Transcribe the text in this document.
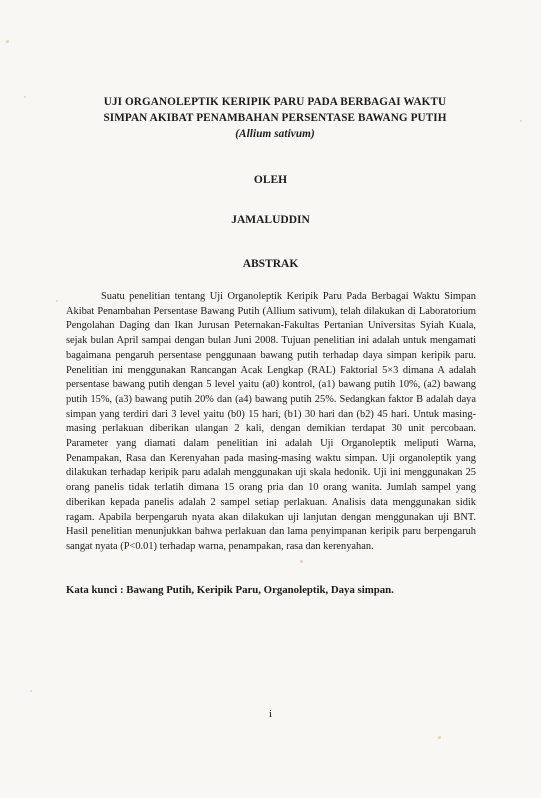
UJI ORGANOLEPTIK KERIPIK PARU PADA BERBAGAI WAKTU
SIMPAN AKIBAT PENAMBAHAN PERSENTASE BAWANG PUTIH
(Allium sativum)
OLEH
JAMALUDDIN
ABSTRAK

Suatu penelitian tentang Uji Organoleptik Keripik Paru Pada Berbagai Waktu Simpan Akibat Penambahan Persentase Bawang Putih (Allium sativum), telah dilakukan di Laboratorium Pengolahan Daging dan Ikan Jurusan Peternakan-Fakultas Pertanian Universitas Syiah Kuala, sejak bulan April sampai dengan bulan Juni 2008. Tujuan penelitian ini adalah untuk mengamati bagaimana pengaruh persentase penggunaan bawang putih terhadap daya simpan keripik paru. Penelitian ini menggunakan Rancangan Acak Lengkap (RAL) Faktorial 5×3 dimana A adalah persentase bawang putih dengan 5 level yaitu (a0) kontrol, (a1) bawang putih 10%, (a2) bawang putih 15%, (a3) bawang putih 20% dan (a4) bawang putih 25%. Sedangkan faktor B adalah daya simpan yang terdiri dari 3 level yaitu (b0) 15 hari, (b1) 30 hari dan (b2) 45 hari. Untuk masing-masing perlakuan diberikan ulangan 2 kali, dengan demikian terdapat 30 unit percobaan. Parameter yang diamati dalam penelitian ini adalah Uji Organoleptik meliputi Warna, Penampakan, Rasa dan Kerenyahan pada masing-masing waktu simpan. Uji organoleptik yang dilakukan terhadap keripik paru adalah menggunakan uji skala hedonik. Uji ini menggunakan 25 orang panelis tidak terlatih dimana 15 orang pria dan 10 orang wanita. Jumlah sampel yang diberikan kepada panelis adalah 2 sampel setiap perlakuan. Analisis data menggunakan sidik ragam. Apabila berpengaruh nyata akan dilakukan uji lanjutan dengan menggunakan uji BNT. Hasil penelitian menunjukkan bahwa perlakuan dan lama penyimpanan keripik paru berpengaruh sangat nyata (P<0.01) terhadap warna, penampakan, rasa dan kerenyahan.

Kata kunci : Bawang Putih, Keripik Paru, Organoleptik, Daya simpan.
i
